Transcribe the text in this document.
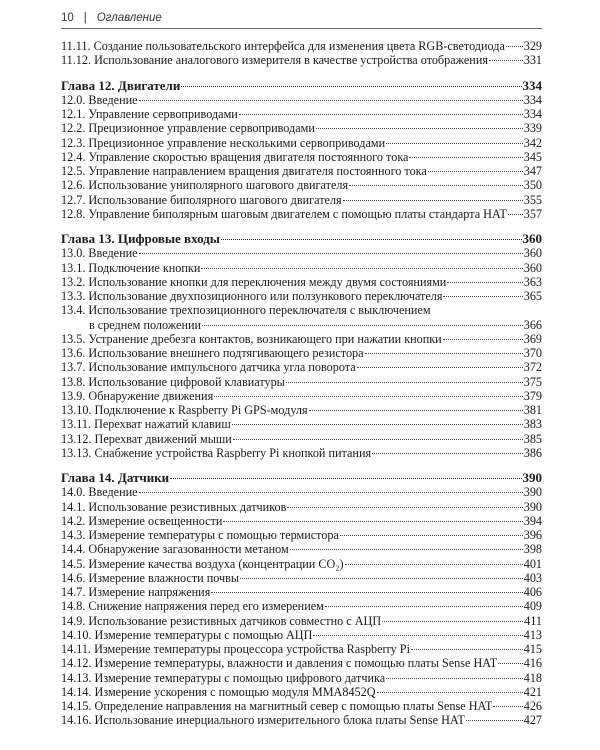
10 | Оглавление
11.11. Создание пользовательского интерфейса для изменения цвета RGB-светодиода 329
11.12. Использование аналогового измерителя в качестве устройства отображения	331
Глава 12. Двигатели	334
12.0. Введение	334
12.1. Управление сервоприводами	334
12.2. Прецизионное управление сервоприводами	339
12.3. Прецизионное управление несколькими сервоприводами	342
12.4. Управление скоростью вращения двигателя постоянного тока	345
12.5. Управление направлением вращения двигателя постоянного тока	347
12.6. Использование униполярного шагового двигателя	350
12.7. Использование биполярного шагового двигателя	355
12.8. Управление биполярным шаговым двигателем с помощью платы стандарта HAT 357
Глава 13. Цифровые входы	360
13.0. Введение	360
13.1. Подключение кнопки	360
13.2. Использование кнопки для переключения между двумя состояниями	363
13.3. Использование двухпозиционного или ползункового переключателя	365
13.4. Использование трехпозиционного переключателя с выключением
в среднем положении	366
13.5. Устранение дребезга контактов, возникающего при нажатии кнопки	369
13.6. Использование внешнего подтягивающего резистора	370
13.7. Использование импульсного датчика угла поворота	372
13.8. Использование цифровой клавиатуры	375
13.9. Обнаружение движения	379
13.10. Подключение к Raspberry Pi GPS-модуля	381
13.11. Перехват нажатий клавиш	383
13.12. Перехват движений мыши	385
13.13. Снабжение устройства Raspberry Pi кнопкой питания	386
Глава 14. Датчики	390
14.0. Введение	390
14.1. Использование резистивных датчиков	390
14.2. Измерение освещенности	394
14.3. Измерение температуры с помощью термистора	396
14.4. Обнаружение загазованности метаном	398
14.5. Измерение качества воздуха (концентрации CO₂)	401
14.6. Измерение влажности почвы	403
14.7. Измерение напряжения	406
14.8. Снижение напряжения перед его измерением	409
14.9. Использование резистивных датчиков совместно с АЦП	411
14.10. Измерение температуры с помощью АЦП	413
14.11. Измерение температуры процессора устройства Raspberry Pi	415
14.12. Измерение температуры, влажности и давления с помощью платы Sense HAT 416
14.13. Измерение температуры с помощью цифрового датчика	418
14.14. Измерение ускорения с помощью модуля MMA8452Q	421
14.15. Определение направления на магнитный север с помощью платы Sense HAT	426
14.16. Использование инерциального измерительного блока платы Sense HAT	427
